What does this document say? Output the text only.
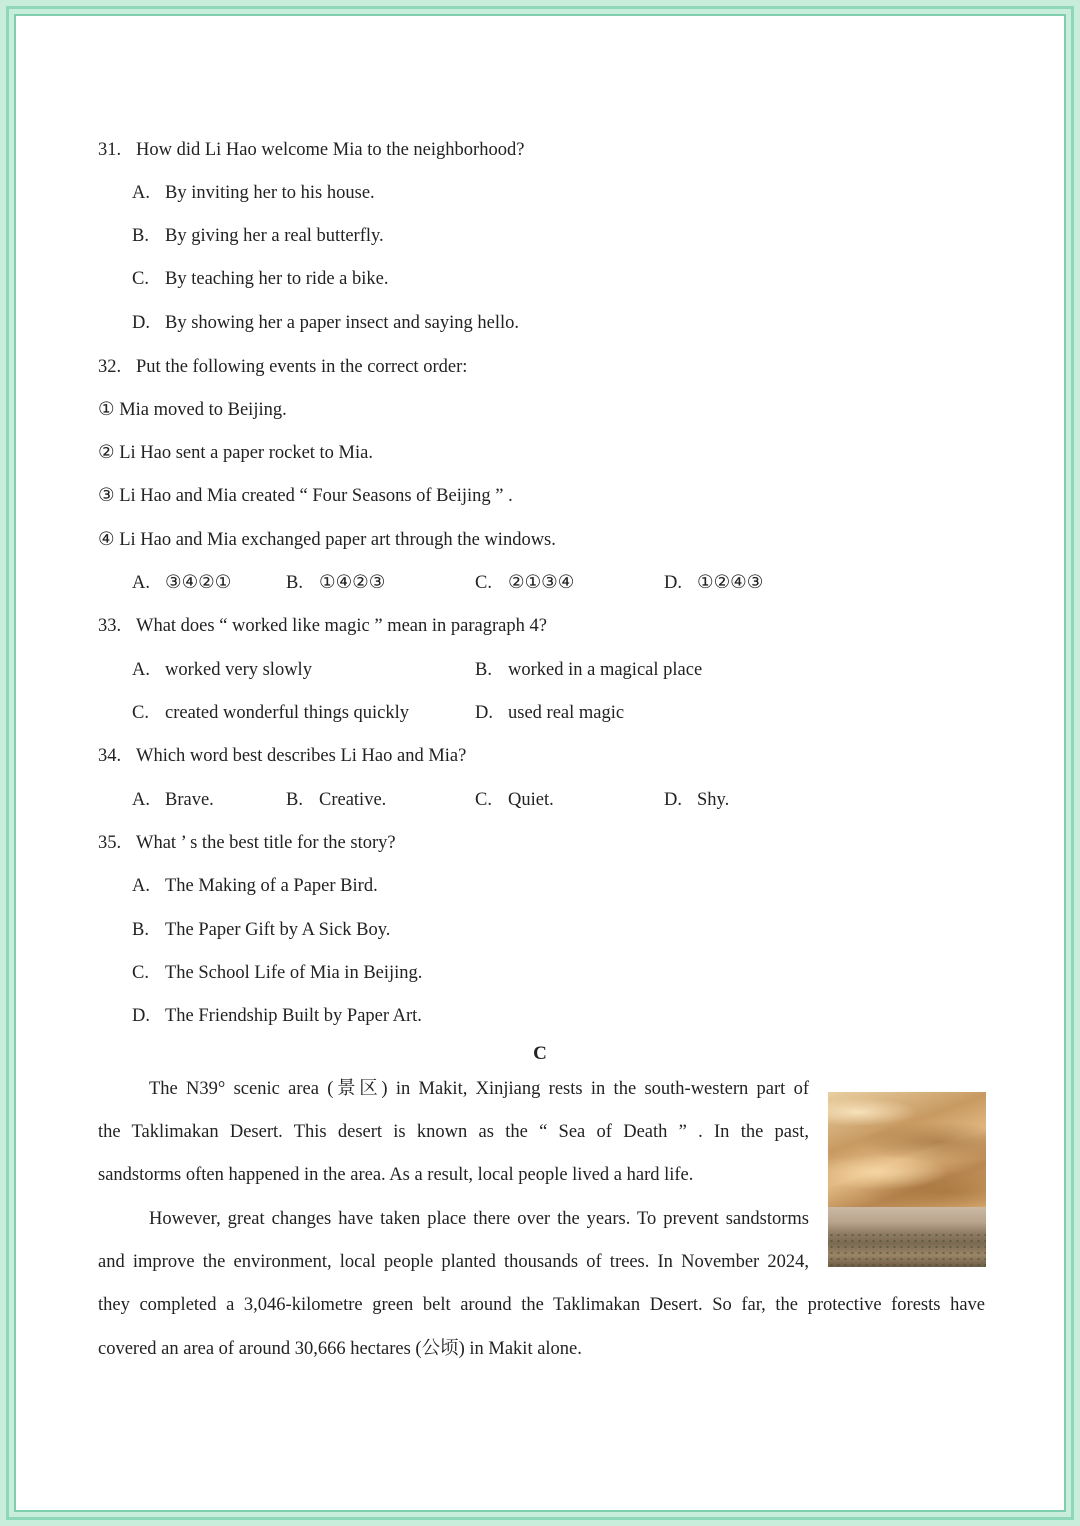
31. How did Li Hao welcome Mia to the neighborhood?
A. By inviting her to his house.
B. By giving her a real butterfly.
C. By teaching her to ride a bike.
D. By showing her a paper insect and saying hello.
32. Put the following events in the correct order:
① Mia moved to Beijing.
② Li Hao sent a paper rocket to Mia.
③ Li Hao and Mia created “ Four Seasons of Beijing ” .
④ Li Hao and Mia exchanged paper art through the windows.
A. ③④②①	B. ①④②③	C. ②①③④	D. ①②④③
33. What does “ worked like magic ” mean in paragraph 4?
A. worked very slowly	B. worked in a magical place
C. created wonderful things quickly	D. used real magic
34. Which word best describes Li Hao and Mia?
A. Brave.	B. Creative.	C. Quiet.	D. Shy.
35. What ’ s the best title for the story?
A. The Making of a Paper Bird.
B. The Paper Gift by A Sick Boy.
C. The School Life of Mia in Beijing.
D. The Friendship Built by Paper Art.
C
The N39° scenic area (景区) in Makit, Xinjiang rests in the south-western part of
the Taklimakan Desert. This desert is known as the “ Sea of Death ” . In the past,
sandstorms often happened in the area. As a result, local people lived a hard life.
However, great changes have taken place there over the years. To prevent sandstorms
and improve the environment, local people planted thousands of trees. In November 2024,
they completed a 3,046-kilometre green belt around the Taklimakan Desert. So far, the protective forests have
covered an area of around 30,666 hectares (公顷) in Makit alone.
